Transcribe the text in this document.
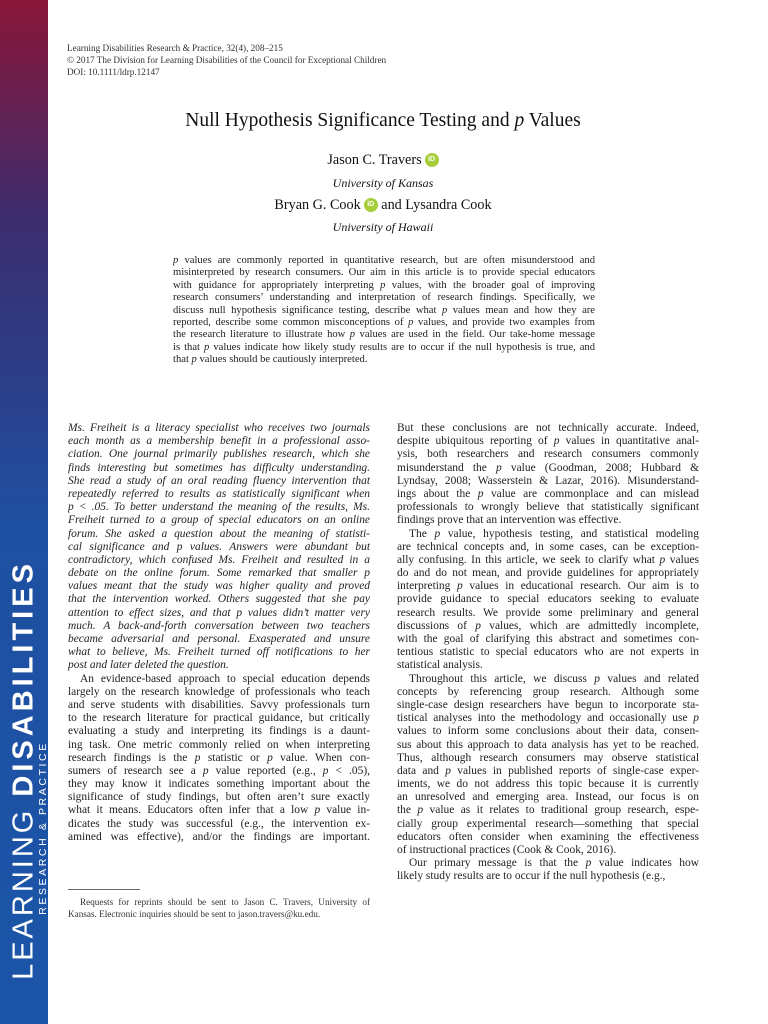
LEARNING DISABILITIES
RESEARCH & PRACTICE
Learning Disabilities Research & Practice, 32(4), 208–215
© 2017 The Division for Learning Disabilities of the Council for Exceptional Children
DOI: 10.1111/ldrp.12147
Null Hypothesis Significance Testing and p Values
Jason C. Travers iD
University of Kansas
Bryan G. Cook iD and Lysandra Cook
University of Hawaii
p values are commonly reported in quantitative research, but are often misunderstood and
misinterpreted by research consumers. Our aim in this article is to provide special educators
with guidance for appropriately interpreting p values, with the broader goal of improving
research consumers’ understanding and interpretation of research findings. Specifically, we
discuss null hypothesis significance testing, describe what p values mean and how they are
reported, describe some common misconceptions of p values, and provide two examples from
the research literature to illustrate how p values are used in the field. Our take-home message
is that p values indicate how likely study results are to occur if the null hypothesis is true, and
that p values should be cautiously interpreted.
Ms. Freiheit is a literacy specialist who receives two journals
each month as a membership benefit in a professional asso-
ciation. One journal primarily publishes research, which she
finds interesting but sometimes has difficulty understanding.
She read a study of an oral reading fluency intervention that
repeatedly referred to results as statistically significant when
p < .05. To better understand the meaning of the results, Ms.
Freiheit turned to a group of special educators on an online
forum. She asked a question about the meaning of statisti-
cal significance and p values. Answers were abundant but
contradictory, which confused Ms. Freiheit and resulted in a
debate on the online forum. Some remarked that smaller p
values meant that the study was higher quality and proved
that the intervention worked. Others suggested that she pay
attention to effect sizes, and that p values didn’t matter very
much. A back-and-forth conversation between two teachers
became adversarial and personal. Exasperated and unsure
what to believe, Ms. Freiheit turned off notifications to her
post and later deleted the question.
An evidence-based approach to special education depends
largely on the research knowledge of professionals who teach
and serve students with disabilities. Savvy professionals turn
to the research literature for practical guidance, but critically
evaluating a study and interpreting its findings is a daunt-
ing task. One metric commonly relied on when interpreting
research findings is the p statistic or p value. When con-
sumers of research see a p value reported (e.g., p < .05),
they may know it indicates something important about the
significance of study findings, but often aren’t sure exactly
what it means. Educators often infer that a low p value in-
dicates the study was successful (e.g., the intervention ex-
amined was effective), and/or the findings are important.
Requests for reprints should be sent to Jason C. Travers, University of
Kansas. Electronic inquiries should be sent to jason.travers@ku.edu.
But these conclusions are not technically accurate. Indeed,
despite ubiquitous reporting of p values in quantitative anal-
ysis, both researchers and research consumers commonly
misunderstand the p value (Goodman, 2008; Hubbard &
Lyndsay, 2008; Wasserstein & Lazar, 2016). Misunderstand-
ings about the p value are commonplace and can mislead
professionals to wrongly believe that statistically significant
findings prove that an intervention was effective.
The p value, hypothesis testing, and statistical modeling
are technical concepts and, in some cases, can be exception-
ally confusing. In this article, we seek to clarify what p values
do and do not mean, and provide guidelines for appropriately
interpreting p values in educational research. Our aim is to
provide guidance to special educators seeking to evaluate
research results. We provide some preliminary and general
discussions of p values, which are admittedly incomplete,
with the goal of clarifying this abstract and sometimes con-
tentious statistic to special educators who are not experts in
statistical analysis.
Throughout this article, we discuss p values and related
concepts by referencing group research. Although some
single-case design researchers have begun to incorporate sta-
tistical analyses into the methodology and occasionally use p
values to inform some conclusions about their data, consen-
sus about this approach to data analysis has yet to be reached.
Thus, although research consumers may observe statistical
data and p values in published reports of single-case exper-
iments, we do not address this topic because it is currently
an unresolved and emerging area. Instead, our focus is on
the p value as it relates to traditional group research, espe-
cially group experimental research—something that special
educators often consider when examining the effectiveness
of instructional practices (Cook & Cook, 2016).
Our primary message is that the p value indicates how
likely study results are to occur if the null hypothesis (e.g.,
